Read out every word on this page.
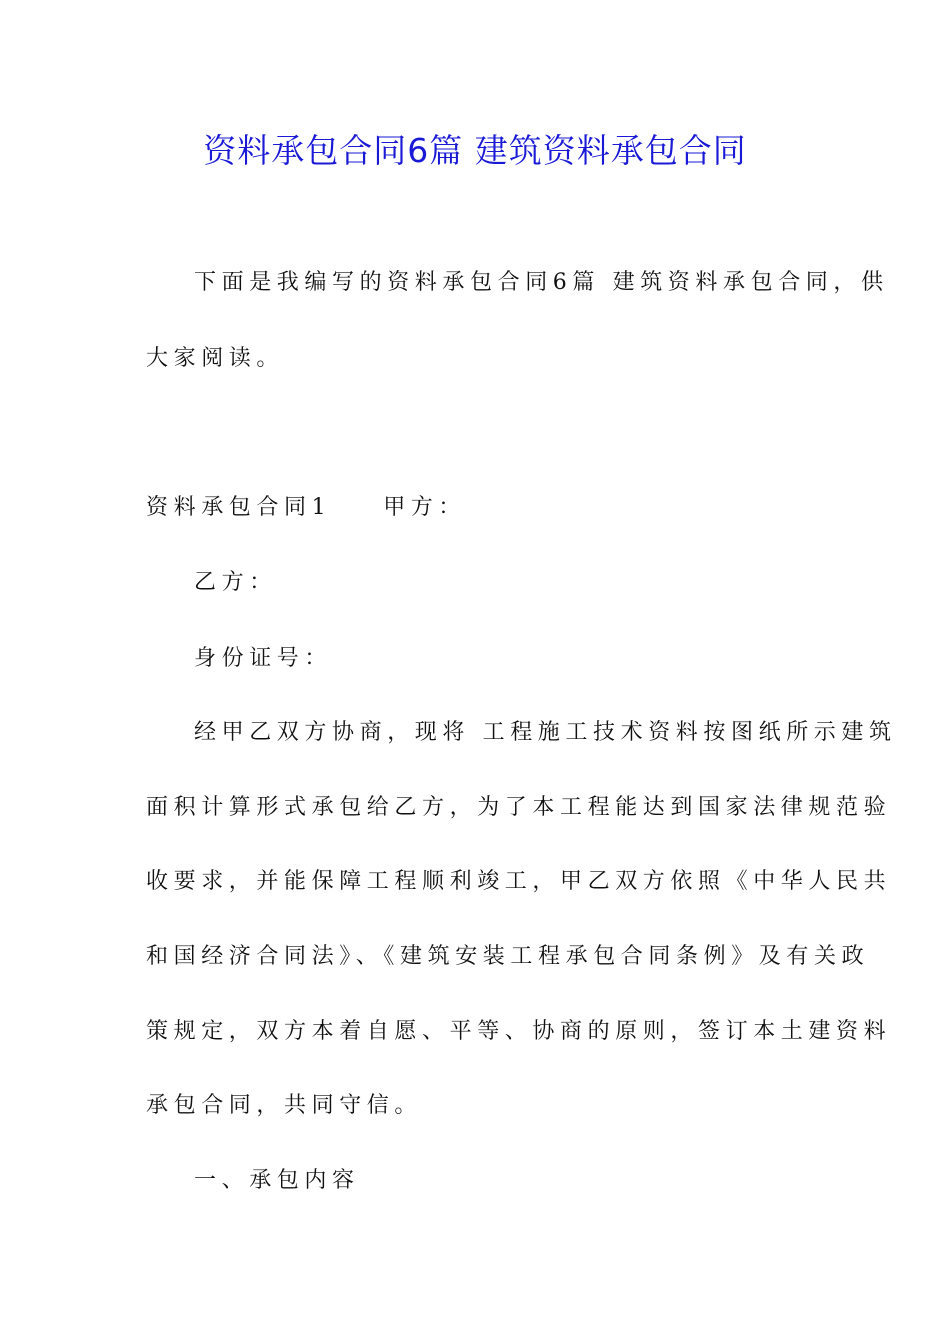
资料承包合同6篇 建筑资料承包合同
下面是我编写的资料承包合同6篇 建筑资料承包合同，供
大家阅读。
资料承包合同1 甲方：
乙方：
身份证号：
经甲乙双方协商，现将 工程施工技术资料按图纸所示建筑
面积计算形式承包给乙方，为了本工程能达到国家法律规范验
收要求，并能保障工程顺利竣工，甲乙双方依照《中华人民共
和国经济合同法》、《建筑安装工程承包合同条例》及有关政
策规定，双方本着自愿、平等、协商的原则，签订本土建资料
承包合同，共同守信。
一、承包内容
